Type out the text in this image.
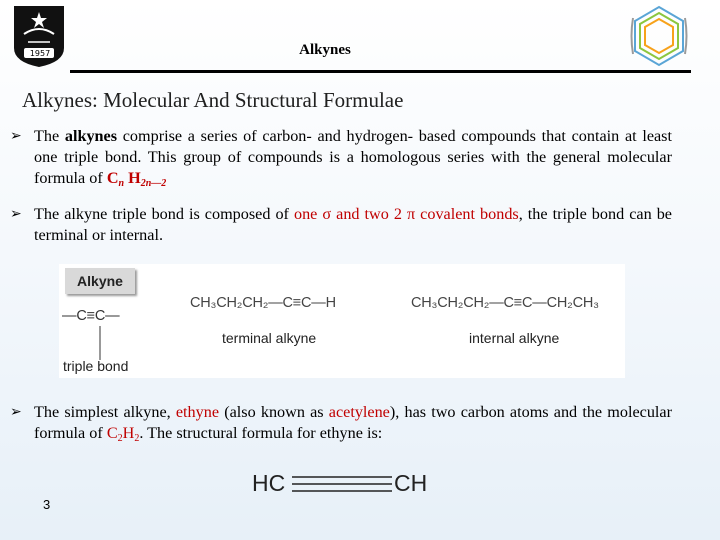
1957	Alkynes
Alkynes: Molecular And Structural Formulae
➢ The alkynes comprise a series of carbon- and hydrogen- based compounds that contain at least one triple bond. This group of compounds is a homologous series with the general molecular formula of $C_n$ $H_{2n—2}$
➢ The alkyne triple bond is composed of one σ and two 2 π covalent bonds, the triple bond can be terminal or internal.
Alkyne
—C≡C—
triple bond
CH₃CH₂CH₂—C≡C—H
terminal alkyne
CH₃CH₂CH₂—C≡C—CH₂CH₃
internal alkyne
➢ The simplest alkyne, ethyne (also known as acetylene), has two carbon atoms and the molecular formula of $C_2H_2$. The structural formula for ethyne is:
HC	CH
3
